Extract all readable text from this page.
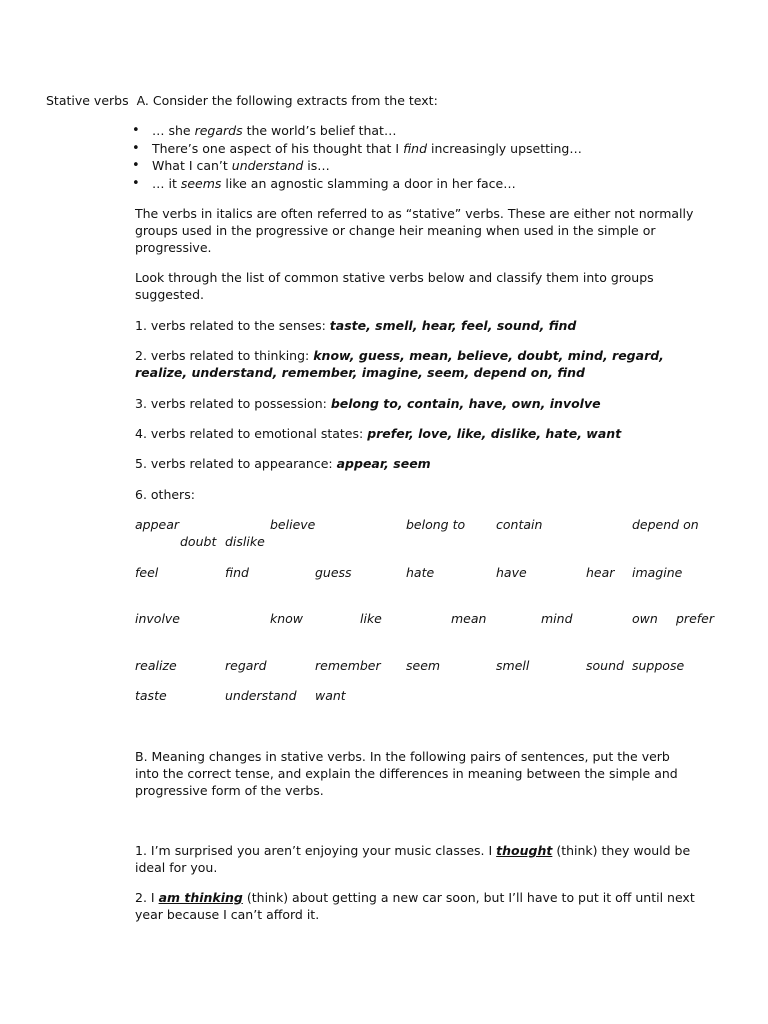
Stative verbs A. Consider the following extracts from the text:
• … she regards the world’s belief that…
• There’s one aspect of his thought that I find increasingly upsetting…
• What I can’t understand is…
• … it seems like an agnostic slamming a door in her face…
The verbs in italics are often referred to as “stative” verbs. These are either not normally groups used in the progressive or change heir meaning when used in the simple or progressive.
Look through the list of common stative verbs below and classify them into groups suggested.
1. verbs related to the senses: taste, smell, hear, feel, sound, find
2. verbs related to thinking: know, guess, mean, believe, doubt, mind, regard, realize, understand, remember, imagine, seem, depend on, find
3. verbs related to possession: belong to, contain, have, own, involve
4. verbs related to emotional states: prefer, love, like, dislike, hate, want
5. verbs related to appearance: appear, seem
6. others:
appear	believe	belong to contain	depend on
doubt dislike
feel	find	guess	hate	have	hear imagine
involve	know	like	mean	mind	own prefer
realize	regard	remember seem	smell	sound suppose
taste	understand want
B. Meaning changes in stative verbs. In the following pairs of sentences, put the verb into the correct tense, and explain the differences in meaning between the simple and progressive form of the verbs.
1. I’m surprised you aren’t enjoying your music classes. I thought (think) they would be ideal for you.
2. I am thinking (think) about getting a new car soon, but I’ll have to put it off until next year because I can’t afford it.
